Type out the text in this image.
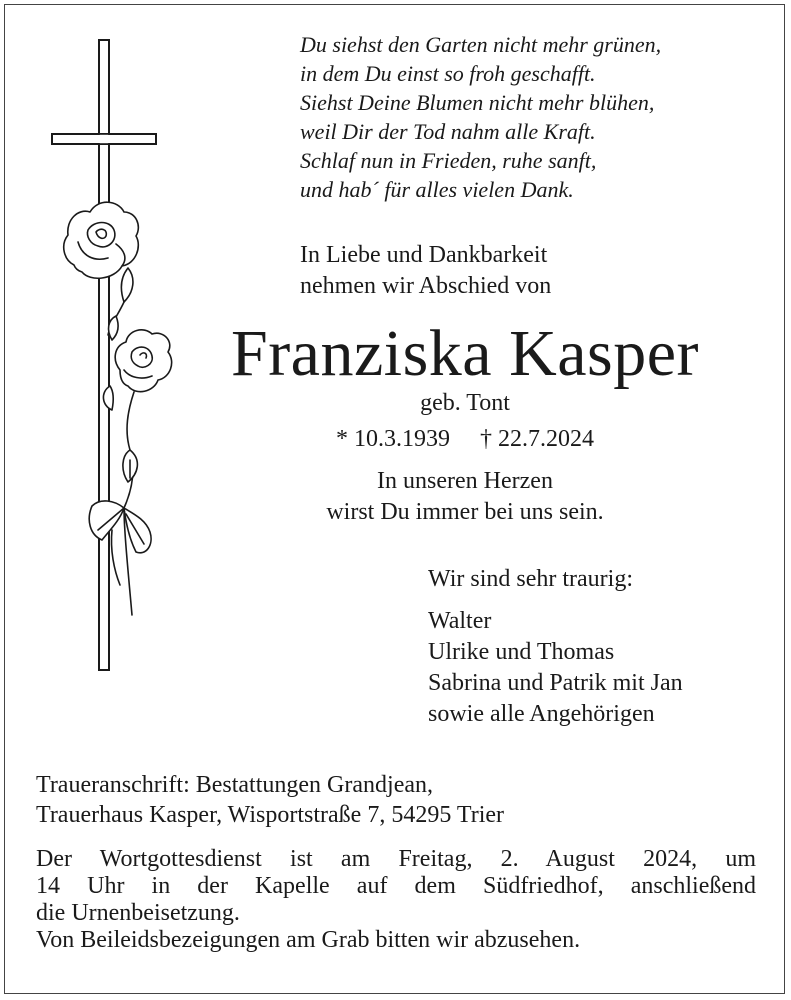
Du siehst den Garten nicht mehr grünen,
in dem Du einst so froh geschafft.
Siehst Deine Blumen nicht mehr blühen,
weil Dir der Tod nahm alle Kraft.
Schlaf nun in Frieden, ruhe sanft,
und hab´ für alles vielen Dank.
In Liebe und Dankbarkeit
nehmen wir Abschied von
Franziska Kasper
geb. Tont
* 10.3.1939 † 22.7.2024
In unseren Herzen
wirst Du immer bei uns sein.
Wir sind sehr traurig:
Walter
Ulrike und Thomas
Sabrina und Patrik mit Jan
sowie alle Angehörigen
Traueranschrift: Bestattungen Grandjean,
Trauerhaus Kasper, Wisportstraße 7, 54295 Trier
Der Wortgottesdienst ist am Freitag, 2. August 2024, um
14 Uhr in der Kapelle auf dem Südfriedhof, anschließend
die Urnenbeisetzung.
Von Beileidsbezeigungen am Grab bitten wir abzusehen.
